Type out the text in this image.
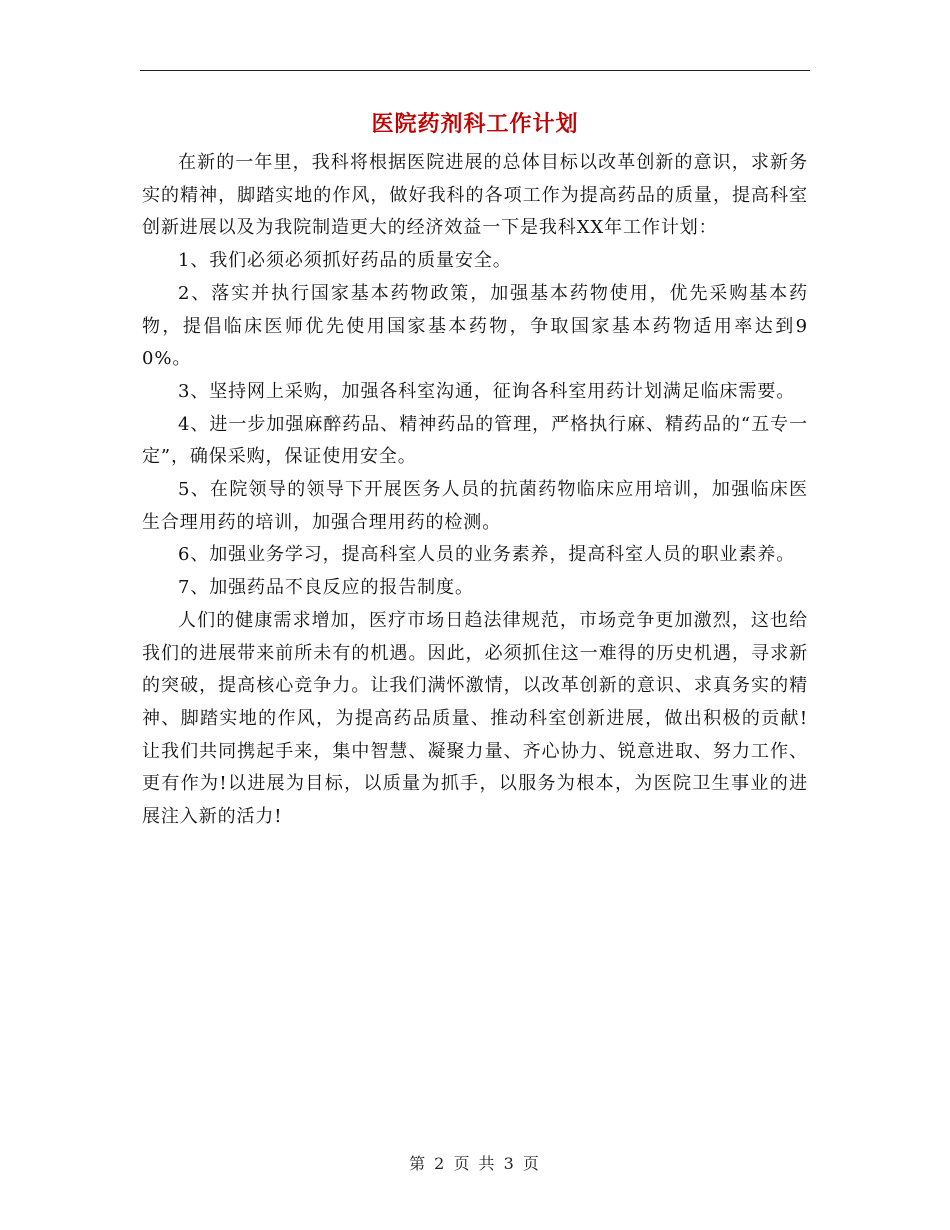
医院药剂科工作计划

在新的一年里，我科将根据医院进展的总体目标以改革创新的意识，求新务实的精神，脚踏实地的作风，做好我科的各项工作为提高药品的质量，提高科室创新进展以及为我院制造更大的经济效益一下是我科XX年工作计划：

1、我们必须必须抓好药品的质量安全。

2、落实并执行国家基本药物政策，加强基本药物使用，优先采购基本药物，提倡临床医师优先使用国家基本药物，争取国家基本药物适用率达到90%。

3、坚持网上采购，加强各科室沟通，征询各科室用药计划满足临床需要。

4、进一步加强麻醉药品、精神药品的管理，严格执行麻、精药品的“五专一定”，确保采购，保证使用安全。

5、在院领导的领导下开展医务人员的抗菌药物临床应用培训，加强临床医生合理用药的培训，加强合理用药的检测。

6、加强业务学习，提高科室人员的业务素养，提高科室人员的职业素养。

7、加强药品不良反应的报告制度。

人们的健康需求增加，医疗市场日趋法律规范，市场竞争更加激烈，这也给我们的进展带来前所未有的机遇。因此，必须抓住这一难得的历史机遇，寻求新的突破，提高核心竞争力。让我们满怀激情，以改革创新的意识、求真务实的精神、脚踏实地的作风，为提高药品质量、推动科室创新进展，做出积极的贡献!让我们共同携起手来，集中智慧、凝聚力量、齐心协力、锐意进取、努力工作、更有作为!以进展为目标，以质量为抓手，以服务为根本，为医院卫生事业的进展注入新的活力!

第 2 页 共 3 页
